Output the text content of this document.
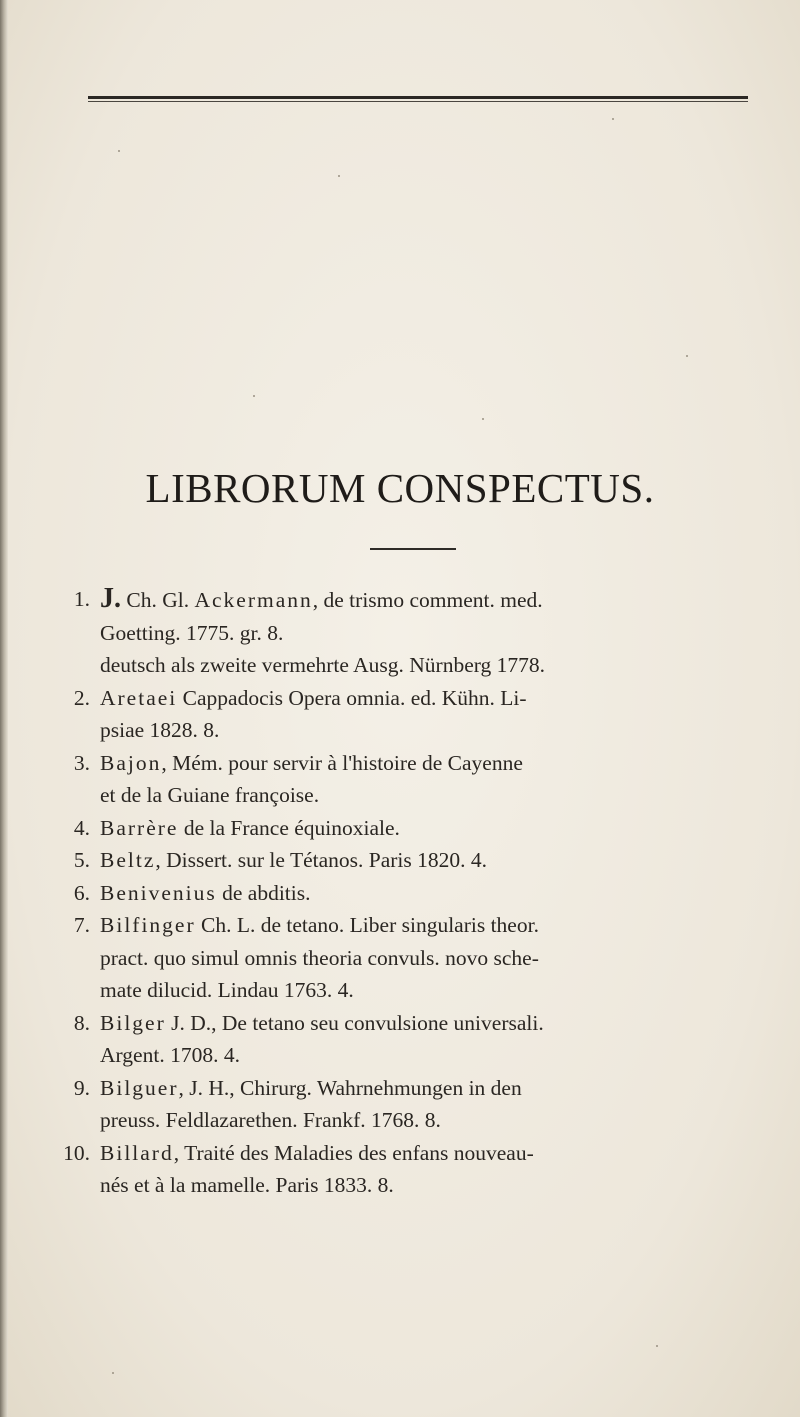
LIBRORUM CONSPECTUS.
1. J. Ch. Gl. Ackermann, de trismo comment. med.
Goetting. 1775. gr. 8.
deutsch als zweite vermehrte Ausg. Nürnberg 1778.
2. Aretaei Cappadocis Opera omnia. ed. Kühn. Li-
psiae 1828. 8.
3. Bajon, Mém. pour servir à l'histoire de Cayenne
et de la Guiane françoise.
4. Barrère de la France équinoxiale.
5. Beltz, Dissert. sur le Tétanos. Paris 1820. 4.
6. Benivenius de abditis.
7. Bilfinger Ch. L. de tetano. Liber singularis theor.
pract. quo simul omnis theoria convuls. novo sche-
mate dilucid. Lindau 1763. 4.
8. Bilger J. D., De tetano seu convulsione universali.
Argent. 1708. 4.
9. Bilguer, J. H., Chirurg. Wahrnehmungen in den
preuss. Feldlazarethen. Frankf. 1768. 8.
10. Billard, Traité des Maladies des enfans nouveau-
nés et à la mamelle. Paris 1833. 8.
